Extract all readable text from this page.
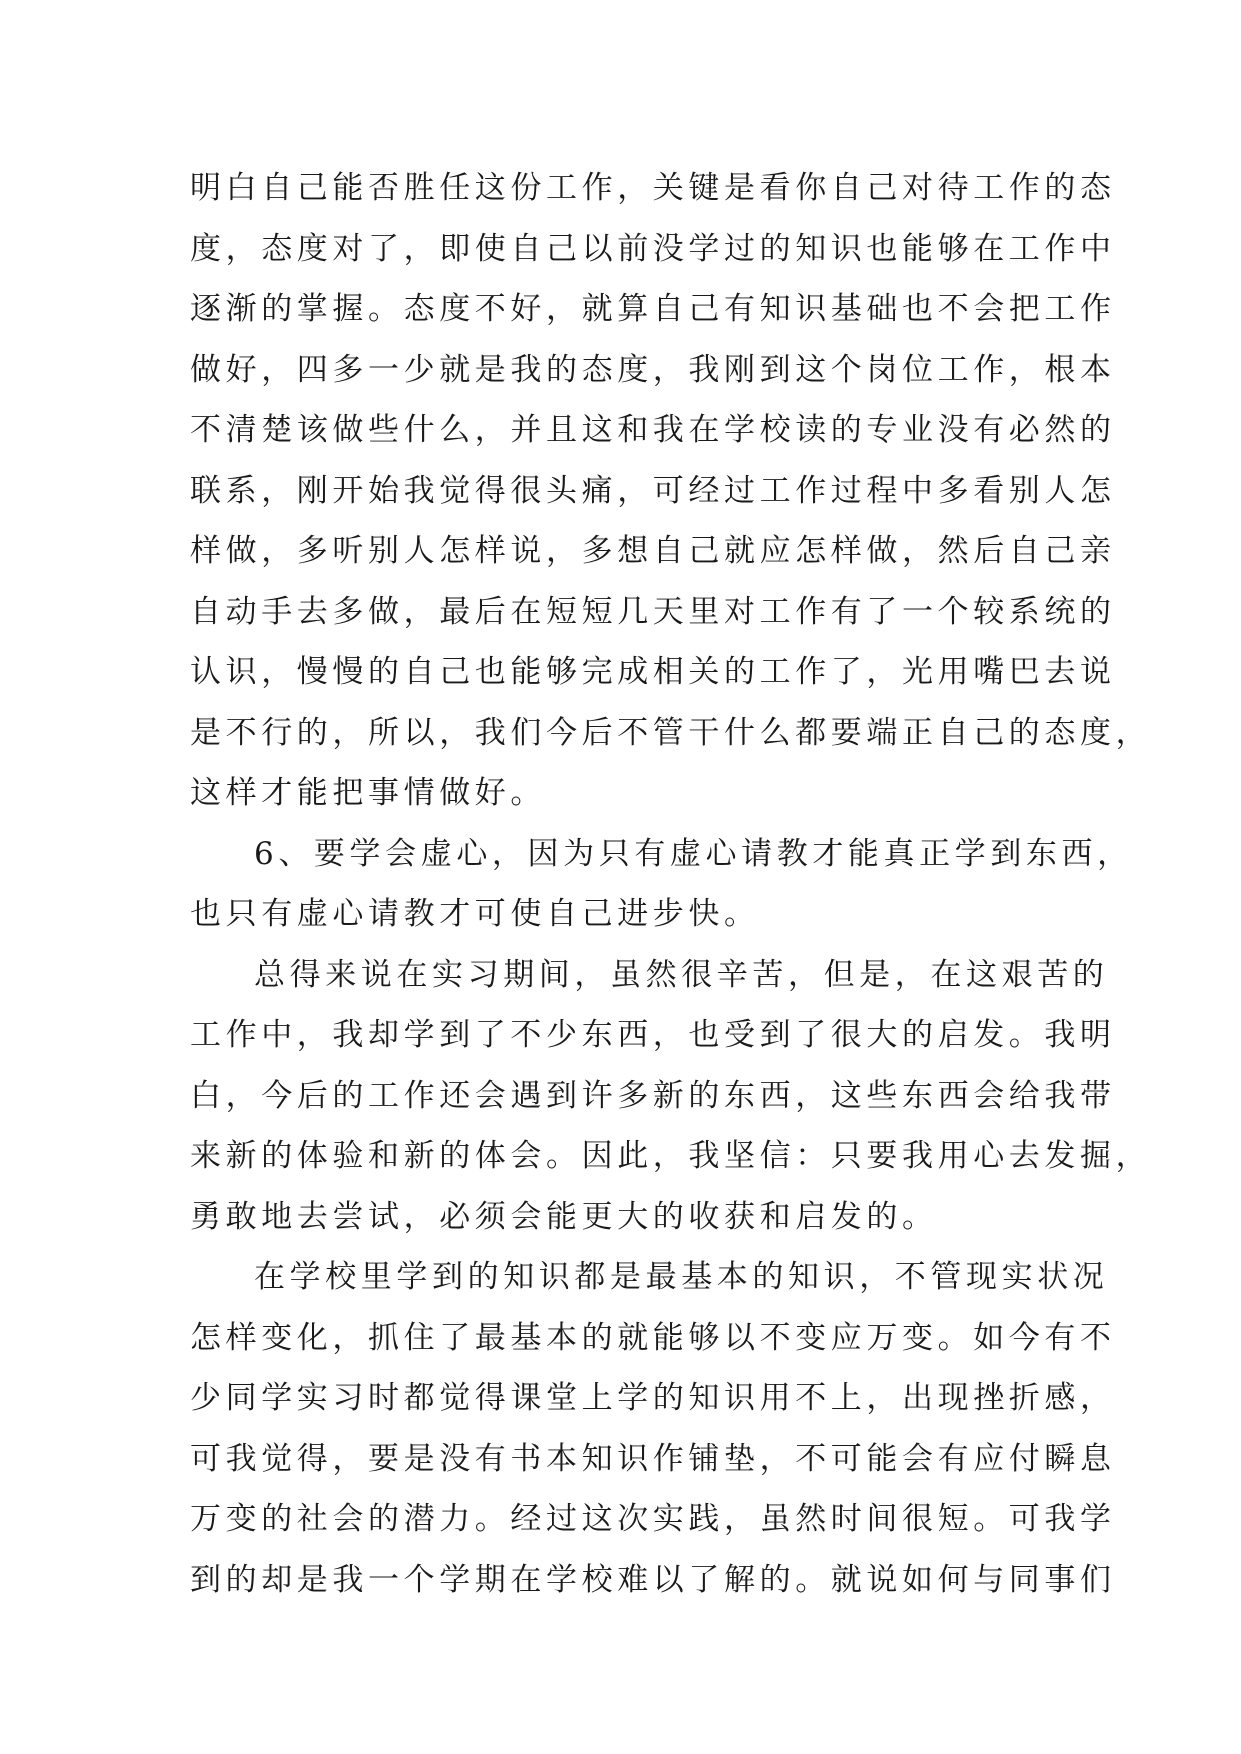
明白自己能否胜任这份工作，关键是看你自己对待工作的态
度，态度对了，即使自己以前没学过的知识也能够在工作中
逐渐的掌握。态度不好，就算自己有知识基础也不会把工作
做好，四多一少就是我的态度，我刚到这个岗位工作，根本
不清楚该做些什么，并且这和我在学校读的专业没有必然的
联系，刚开始我觉得很头痛，可经过工作过程中多看别人怎
样做，多听别人怎样说，多想自己就应怎样做，然后自己亲
自动手去多做，最后在短短几天里对工作有了一个较系统的
认识，慢慢的自己也能够完成相关的工作了，光用嘴巴去说
是不行的，所以，我们今后不管干什么都要端正自己的态度，
这样才能把事情做好。
6、要学会虚心，因为只有虚心请教才能真正学到东西，
也只有虚心请教才可使自己进步快。
总得来说在实习期间，虽然很辛苦，但是，在这艰苦的
工作中，我却学到了不少东西，也受到了很大的启发。我明
白，今后的工作还会遇到许多新的东西，这些东西会给我带
来新的体验和新的体会。因此，我坚信：只要我用心去发掘，
勇敢地去尝试，必须会能更大的收获和启发的。
在学校里学到的知识都是最基本的知识，不管现实状况
怎样变化，抓住了最基本的就能够以不变应万变。如今有不
少同学实习时都觉得课堂上学的知识用不上，出现挫折感，
可我觉得，要是没有书本知识作铺垫，不可能会有应付瞬息
万变的社会的潜力。经过这次实践，虽然时间很短。可我学
到的却是我一个学期在学校难以了解的。就说如何与同事们
